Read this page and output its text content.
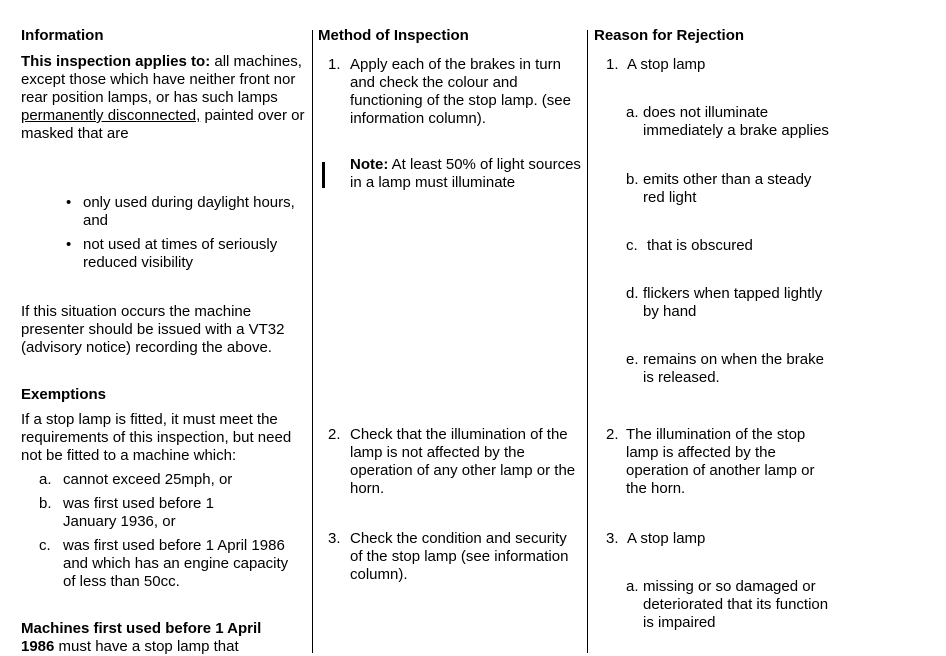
Information
This inspection applies to: all machines, except those which have neither front nor rear position lamps, or has such lamps permanently disconnected, painted over or masked that are
• only used during daylight hours, and
• not used at times of seriously reduced visibility
If this situation occurs the machine presenter should be issued with a VT32 (advisory notice) recording the above.
Exemptions
If a stop lamp is fitted, it must meet the requirements of this inspection, but need not be fitted to a machine which:
a. cannot exceed 25mph, or
b. was first used before 1 January 1936, or
c. was first used before 1 April 1986 and which has an engine capacity of less than 50cc.
Machines first used before 1 April 1986 must have a stop lamp that
Method of Inspection
1. Apply each of the brakes in turn and check the colour and functioning of the stop lamp. (see information column).
Note: At least 50% of light sources in a lamp must illuminate
2. Check that the illumination of the lamp is not affected by the operation of any other lamp or the horn.
3. Check the condition and security of the stop lamp (see information column).
Reason for Rejection
1. A stop lamp
a. does not illuminate immediately a brake applies
b. emits other than a steady red light
c. that is obscured
d. flickers when tapped lightly by hand
e. remains on when the brake is released.
2. The illumination of the stop lamp is affected by the operation of another lamp or the horn.
3. A stop lamp
a. missing or so damaged or deteriorated that its function is impaired
